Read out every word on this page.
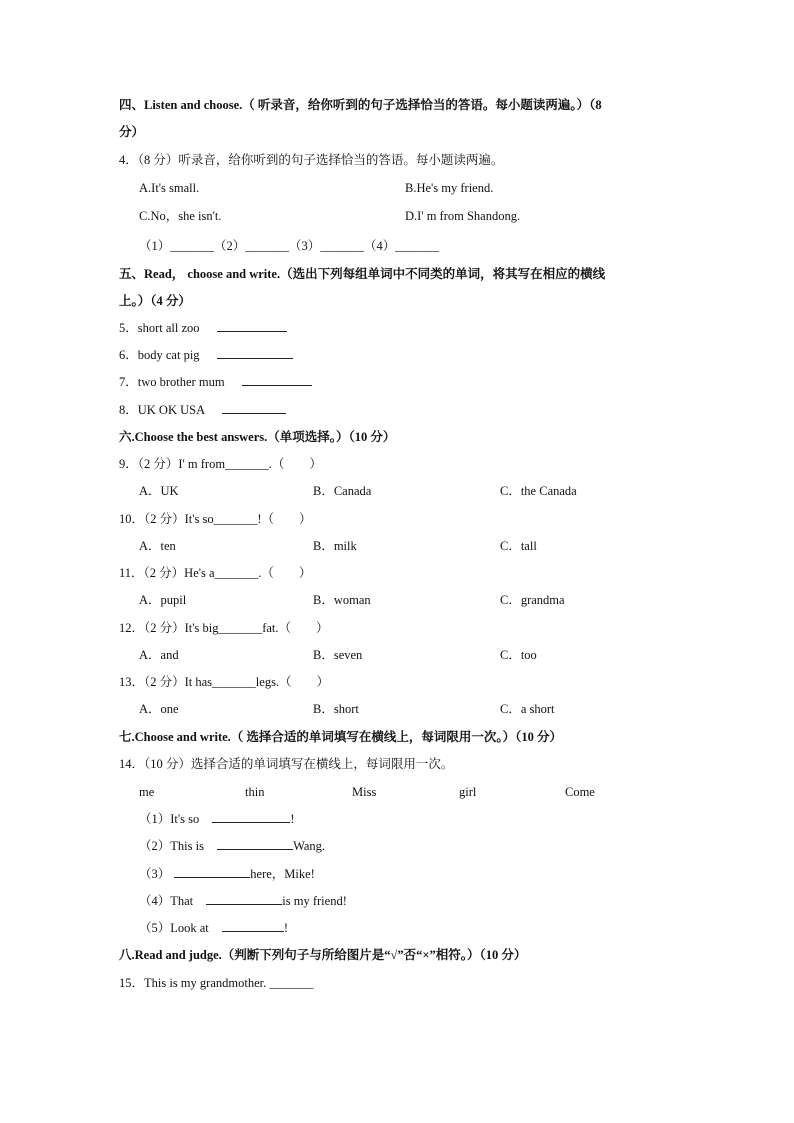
四、Listen and choose.（ 听录音，给你听到的句子选择恰当的答语。每小题读两遍。）（8
分）
4．（8 分）听录音，给你听到的句子选择恰当的答语。每小题读两遍。
A.It's small.	B.He's my friend.
C.No，she isn't.	D.I' m from Shandong.
（1）_______（2）_______（3）_______（4）_______
五、Read， choose and write.（选出下列每组单词中不同类的单词，将其写在相应的横线
上。）（4 分）
5．short all zoo
6．body cat pig
7．two brother mum
8．UK OK USA
六.Choose the best answers.（单项选择。）（10 分）
9．（2 分）I' m from_______.（　　）
A．UK	B．Canada	C．the Canada
10．（2 分）It's so_______!（　　）
A．ten	B．milk	C．tall
11．（2 分）He's a_______.（　　）
A．pupil	B．woman	C．grandma
12．（2 分）It's big_______fat.（　　）
A．and	B．seven	C．too
13．（2 分）It has_______legs.（　　）
A．one	B．short	C．a short
七.Choose and write.（ 选择合适的单词填写在横线上，每词限用一次。）（10 分）
14．（10 分）选择合适的单词填写在横线上，每词限用一次。
me	thin	Miss	girl	Come
（1）It's so	!
（2）This is	Wang.
（3）	here，Mike!
（4）That	is my friend!
（5）Look at	!
八.Read and judge.（判断下列句子与所给图片是“√”否“×”相符。）（10 分）
15．This is my grandmother. _______
